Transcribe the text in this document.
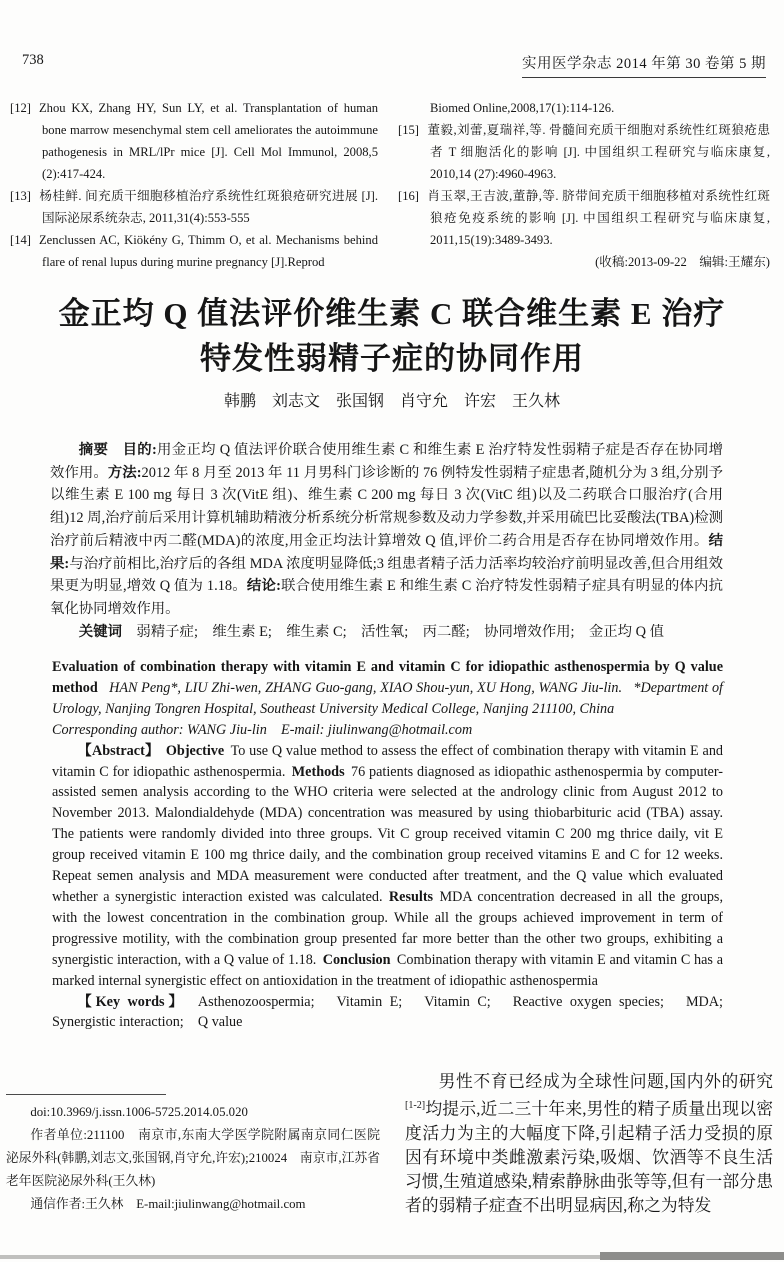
738	实用医学杂志 2014 年第 30 卷第 5 期

[12] Zhou KX, Zhang HY, Sun LY, et al. Transplantation of human bone marrow mesenchymal stem cell ameliorates the autoimmune pathogenesis in MRL/lPr mice [J]. Cell Mol Immunol, 2008,5 (2):417-424.

[13] 杨桂鲜. 间充质干细胞移植治疗系统性红斑狼疮研究进展 [J]. 国际泌尿系统杂志, 2011,31(4):553-555

[14] Zenclussen AC, Kiökény G, Thimm O, et al. Mechanisms behind flare of renal lupus during murine pregnancy [J].Reprod

Biomed Online,2008,17(1):114-126.

[15] 董毅,刘蕾,夏瑞祥,等. 骨髓间充质干细胞对系统性红斑狼疮患者 T 细胞活化的影响 [J]. 中国组织工程研究与临床康复, 2010,14 (27):4960-4963.

[16] 肖玉翠,王吉波,董静,等. 脐带间充质干细胞移植对系统性红斑狼疮免疫系统的影响 [J]. 中国组织工程研究与临床康复, 2011,15(19):3489-3493.

(收稿:2013-09-22　编辑:王耀东)

金正均 Q 值法评价维生素 C 联合维生素 E 治疗
特发性弱精子症的协同作用
韩鹏　刘志文　张国钢　肖守允　许宏　王久林

摘要 目的:用金正均 Q 值法评价联合使用维生素 C 和维生素 E 治疗特发性弱精子症是否存在协同增效作用。方法:2012 年 8 月至 2013 年 11 月男科门诊诊断的 76 例特发性弱精子症患者,随机分为 3 组,分别予以维生素 E 100 mg 每日 3 次(VitE 组)、维生素 C 200 mg 每日 3 次(VitC 组)以及二药联合口服治疗(合用组)12 周,治疗前后采用计算机辅助精液分析系统分析常规参数及动力学参数,并采用硫巴比妥酸法(TBA)检测治疗前后精液中丙二醛(MDA)的浓度,用金正均法计算增效 Q 值,评价二药合用是否存在协同增效作用。结果:与治疗前相比,治疗后的各组 MDA 浓度明显降低;3 组患者精子活力活率均较治疗前明显改善,但合用组效果更为明显,增效 Q 值为 1.18。结论:联合使用维生素 E 和维生素 C 治疗特发性弱精子症具有明显的体内抗氧化协同增效作用。

关键词 弱精子症;　维生素 E;　维生素 C;　活性氧;　丙二醛;　协同增效作用;　金正均 Q 值

Evaluation of combination therapy with vitamin E and vitamin C for idiopathic asthenospermia by Q value method HAN Peng*, LIU Zhi-wen, ZHANG Guo-gang, XIAO Shou-yun, XU Hong, WANG Jiu-lin. *Department of Urology, Nanjing Tongren Hospital, Southeast University Medical College, Nanjing 211100, China

Corresponding author: WANG Jiu-lin　E-mail: jiulinwang@hotmail.com

【Abstract】 Objective To use Q value method to assess the effect of combination therapy with vitamin E and vitamin C for idiopathic asthenospermia. Methods 76 patients diagnosed as idiopathic asthenospermia by computer-assisted semen analysis according to the WHO criteria were selected at the andrology clinic from August 2012 to November 2013. Malondialdehyde (MDA) concentration was measured by using thiobarbituric acid (TBA) assay. The patients were randomly divided into three groups. Vit C group received vitamin C 200 mg thrice daily, vit E group received vitamin E 100 mg thrice daily, and the combination group received vitamins E and C for 12 weeks. Repeat semen analysis and MDA measurement were conducted after treatment, and the Q value which evaluated whether a synergistic interaction existed was calculated. Results MDA concentration decreased in all the groups, with the lowest concentration in the combination group. While all the groups achieved improvement in term of progressive motility, with the combination group presented far more better than the other two groups, exhibiting a synergistic interaction, with a Q value of 1.18. Conclusion Combination therapy with vitamin E and vitamin C has a marked internal synergistic effect on antioxidation in the treatment of idiopathic asthenospermia

【Key words】 Asthenozoospermia;　Vitamin E;　Vitamin C;　Reactive oxygen species;　MDA;　Synergistic interaction;　Q value

doi:10.3969/j.issn.1006-5725.2014.05.020

作者单位:211100　南京市,东南大学医学院附属南京同仁医院泌尿外科(韩鹏,刘志文,张国钢,肖守允,许宏);210024　南京市,江苏省老年医院泌尿外科(王久林)

通信作者:王久林　E-mail:jiulinwang@hotmail.com

男性不育已经成为全球性问题,国内外的研究[1-2]均提示,近二三十年来,男性的精子质量出现以密度活力为主的大幅度下降,引起精子活力受损的原因有环境中类雌激素污染,吸烟、饮酒等不良生活习惯,生殖道感染,精索静脉曲张等等,但有一部分患者的弱精子症查不出明显病因,称之为特发
